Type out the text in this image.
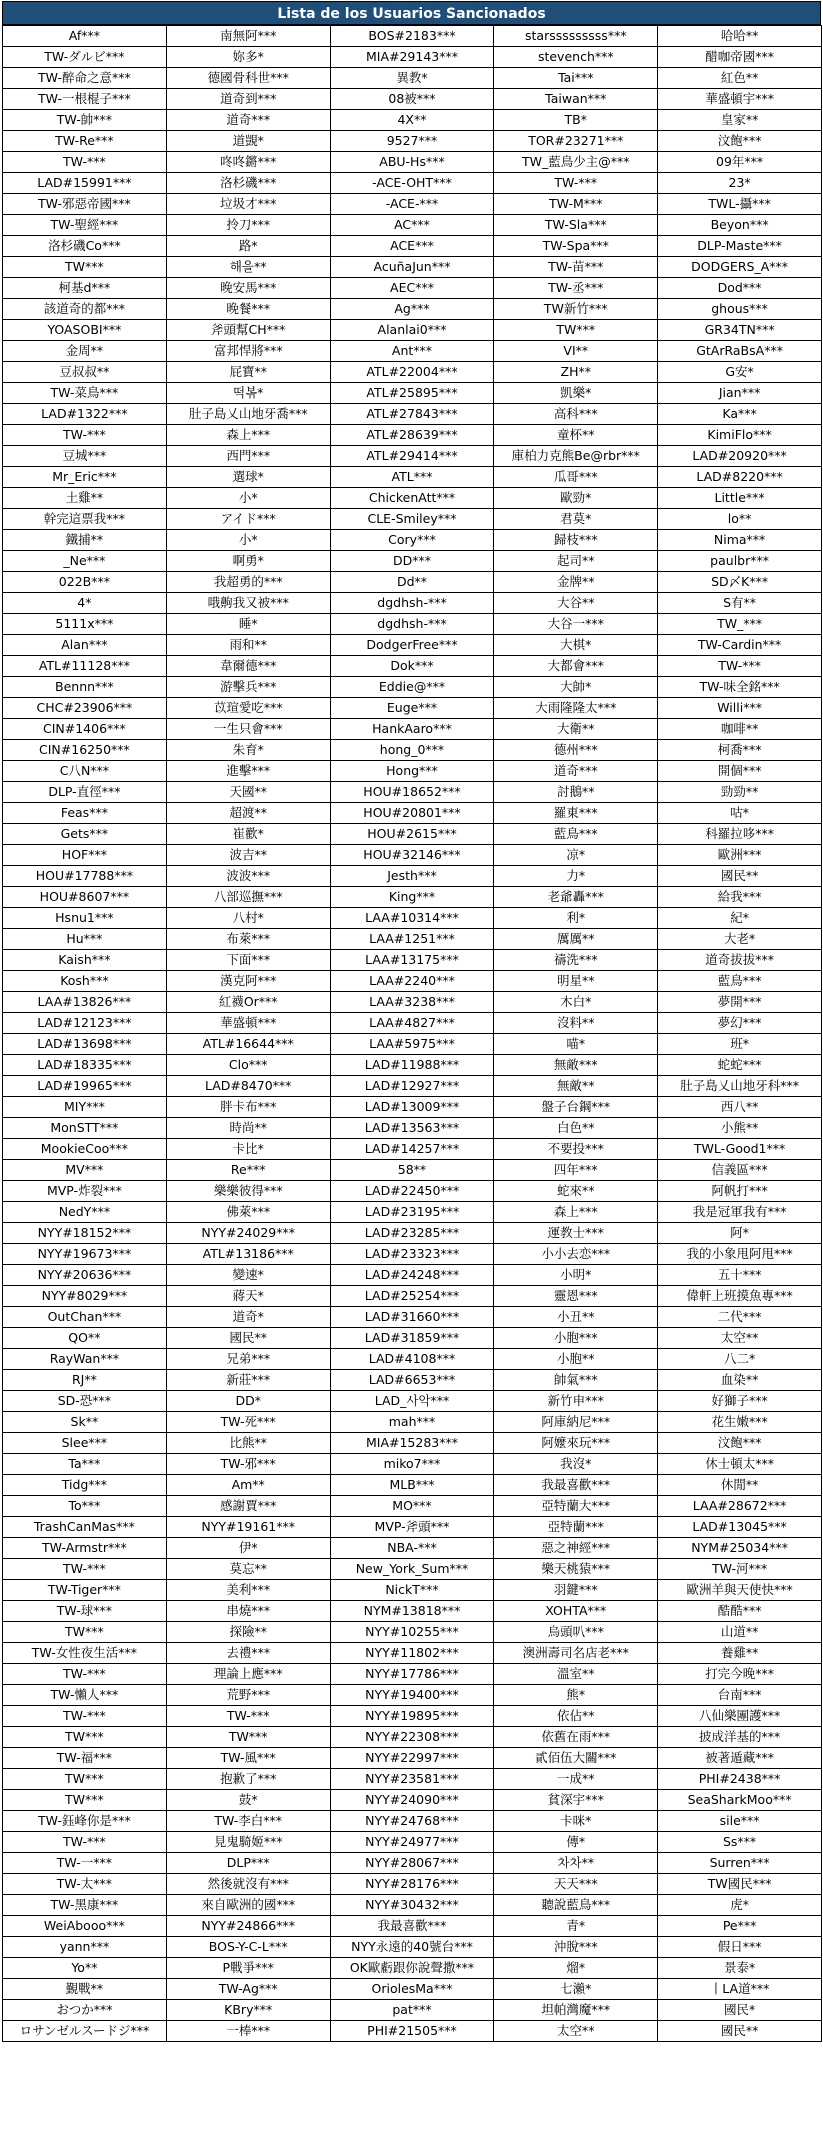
Lista de los Usuarios Sancionados
Af***	南無阿***	BOS#2183***	starsssssssss***	哈哈**
TW-ダルビ***	妳多*	MIA#29143***	stevench***	醋咖帝國***
TW-醉命之意***	德國骨科世***	異教*	Tai***	紅色**
TW-一根棍子***	道奇到***	08被***	Taiwan***	華盛頓宇***
TW-帥***	道奇***	4X**	TB*	皇家**
TW-Re***	道覬*	9527***	TOR#23271***	汶飽***
TW-***	咚咚鏘***	ABU-Hs***	TW_藍鳥少主@***	09年***
LAD#15991***	洛杉磯***	-ACE-OHT***	TW-***	23*
TW-邪惡帝國***	垃圾才***	-ACE-***	TW-M***	TWL-攝***
TW-聖經***	拎刀***	AC***	TW-Sla***	Beyon***
洛杉磯Co***	路*	ACE***	TW-Spa***	DLP-Maste***
TW***	해을**	AcuñaJun***	TW-苗***	DODGERS_A***
柯基d***	晚安馬***	AEC***	TW-丞***	Dod***
該道奇的都***	晚餐***	Ag***	TW新竹***	ghous***
YOASOBI***	斧頭幫CH***	Alanlai0***	TW***	GR34TN***
金周**	富邦悍將***	Ant***	VI**	GtArRaBsA***
豆叔叔**	屁寶**	ATL#22004***	ZH**	G安*
TW-菜鳥***	떡볶*	ATL#25895***	凱樂*	Jian***
LAD#1322***	肚子島乂山地牙喬***	ATL#27843***	高科***	Ka***
TW-***	森上***	ATL#28639***	童杯**	KimiFlo***
豆城***	西門***	ATL#29414***	庫柏力克熊Be@rbr***	LAD#20920***
Mr_Eric***	選球*	ATL***	瓜哥***	LAD#8220***
土雞**	小*	ChickenAtt***	歐勁*	Little***
幹完這票我***	アイド***	CLE-Smiley***	君莫*	lo**
鐵捕**	小*	Cory***	歸枝***	Nima***
_Ne***	啊勇*	DD***	起司**	paulbr***
022B***	我超勇的***	Dd**	金牌**	SD〆K***
4*	哦齁我又被***	dgdhsh-***	大谷**	S有**
5111x***	睡*	dgdhsh-***	大谷一***	TW_***
Alan***	雨和**	DodgerFree***	大棋*	TW-Cardin***
ATL#11128***	韋爾德***	Dok***	大都會***	TW-***
Bennn***	游擊兵***	Eddie@***	大帥*	TW-味全銘***
CHC#23906***	苡瑄愛吃***	Euge***	大雨隆隆太***	Willi***
CIN#1406***	一生只會***	HankAaro***	大衛**	咖啡**
CIN#16250***	朱育*	hong_0***	德州***	柯喬***
C八N***	進擊***	Hong***	道奇***	開個***
DLP-直徑***	天國**	HOU#18652***	討鵝**	勁勁**
Feas***	超渡**	HOU#20801***	羅東***	咕*
Gets***	崔歡*	HOU#2615***	藍鳥***	科羅拉哆***
HOF***	波吉**	HOU#32146***	凉*	歐洲***
HOU#17788***	波波***	Jesth***	力*	國民**
HOU#8607***	八部巡撫***	King***	老爺轟***	給我***
Hsnu1***	八村*	LAA#10314***	利*	紀*
Hu***	布萊***	LAA#1251***	厲厲**	大老*
Kaish***	下面***	LAA#13175***	禱洗***	道奇拔拔***
Kosh***	漢克阿***	LAA#2240***	明星**	藍鳥***
LAA#13826***	紅襪Or***	LAA#3238***	木白*	夢開***
LAD#12123***	華盛頓***	LAA#4827***	沒料**	夢幻***
LAD#13698***	ATL#16644***	LAA#5975***	喵*	班*
LAD#18335***	Clo***	LAD#11988***	無敵***	蛇蛇***
LAD#19965***	LAD#8470***	LAD#12927***	無敵**	肚子島乂山地牙科***
MIY***	胖卡布***	LAD#13009***	盤子台鋼***	西八**
MonSTT***	時尚**	LAD#13563***	白色**	小熊**
MookieCoo***	卡比*	LAD#14257***	不要投***	TWL-Good1***
MV***	Re***	58**	四年***	信義區***
MVP-炸裂***	樂樂彼得***	LAD#22450***	蛇來**	阿帆打***
NedY***	佛萊***	LAD#23195***	森上***	我是冠軍我有***
NYY#18152***	NYY#24029***	LAD#23285***	運教士***	阿*
NYY#19673***	ATL#13186***	LAD#23323***	小小去恋***	我的小象甩阿甩***
NYY#20636***	變速*	LAD#24248***	小明*	五十***
NYY#8029***	蔣天*	LAD#25254***	靈恩***	偉軒上班摸魚專***
OutChan***	道奇*	LAD#31660***	小丑**	二代***
QO**	國民**	LAD#31859***	小胞***	太空**
RayWan***	兄弟***	LAD#4108***	小胞**	八二*
RJ**	新莊***	LAD#6653***	帥氣***	血染**
SD-恐***	DD*	LAD_사악***	新竹申***	好獅子***
Sk**	TW-死***	mah***	阿庫納尼***	花生嫩***
Slee***	比熊**	MIA#15283***	阿嬤來玩***	汶飽***
Ta***	TW-邪***	miko7***	我沒*	休士頓太***
Tidg***	Am**	MLB***	我最喜歡***	休閒**
To***	感謝賈***	MO***	亞特蘭大***	LAA#28672***
TrashCanMas***	NYY#19161***	MVP-斧頭***	亞特蘭***	LAD#13045***
TW-Armstr***	伊*	NBA-***	惡之神經***	NYM#25034***
TW-***	莫忘**	New_York_Sum***	樂天桃猿***	TW-河***
TW-Tiger***	美利***	NickT***	羽鍵***	歐洲羊與天使快***
TW-球***	串燒***	NYM#13818***	XOHTA***	酷酷***
TW***	探險**	NYY#10255***	烏頭叭***	山道**
TW-女性夜生活***	去禮***	NYY#11802***	澳洲壽司名店老***	養雞**
TW-***	理論上應***	NYY#17786***	溫室**	打完今晚***
TW-懶人***	荒野***	NYY#19400***	熊*	台南***
TW-***	TW-***	NYY#19895***	依佔**	八仙樂團護***
TW***	TW***	NYY#22308***	依舊在雨***	披成洋基的***
TW-福***	TW-風***	NYY#22997***	貳佰伍大關***	被著遁藏***
TW***	抱歉了***	NYY#23581***	一成**	PHI#2438***
TW***	鼓*	NYY#24090***	貧深宇***	SeaSharkMoo***
TW-鈺峰你是***	TW-李白***	NYY#24768***	卡咪*	sile***
TW-***	見鬼騎姬***	NYY#24977***	傳*	Ss***
TW-一***	DLP***	NYY#28067***	차차**	Surren***
TW-太***	然後就沒有***	NYY#28176***	天天***	TW國民***
TW-黑康***	來自歐洲的國***	NYY#30432***	聽說藍鳥***	虎*
WeiAbooo***	NYY#24866***	我最喜歡***	青*	Pe***
yann***	BOS-Y-C-L***	NYY永遠的40號台***	沖脫***	假日***
Yo**	P戰爭***	OK歐虧跟你說聲撒***	熘*	景泰*
覲戰**	TW-Ag***	OriolesMa***	七瀨*	丨LA道***
おつか***	KBry***	pat***	坦帕灣魔***	國民*
ロサンゼルスードジ***	一棒***	PHI#21505***	太空**	國民**
